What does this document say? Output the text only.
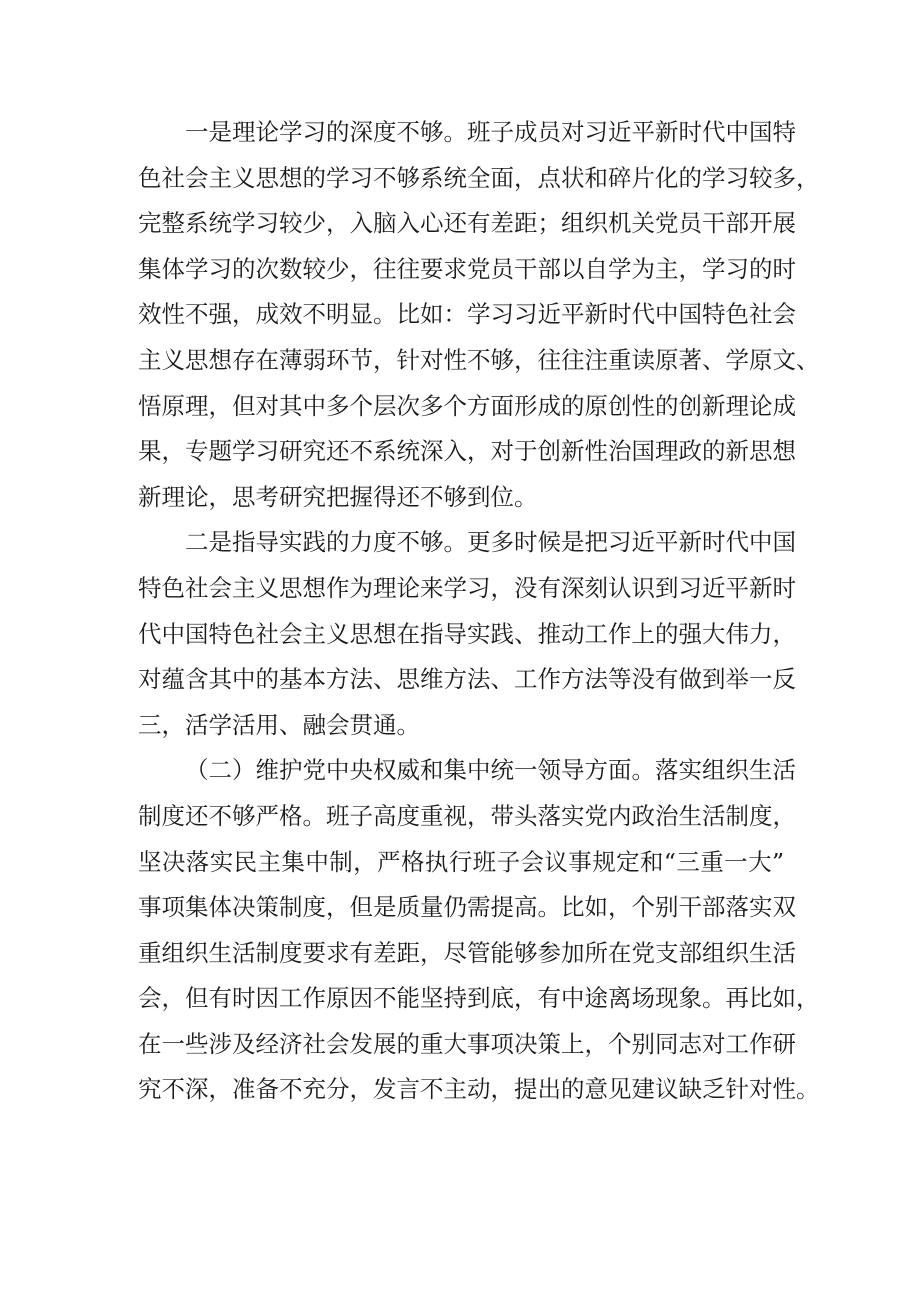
一是理论学习的深度不够。班子成员对习近平新时代中国特
色社会主义思想的学习不够系统全面，点状和碎片化的学习较多，
完整系统学习较少，入脑入心还有差距；组织机关党员干部开展
集体学习的次数较少，往往要求党员干部以自学为主，学习的时
效性不强，成效不明显。比如：学习习近平新时代中国特色社会
主义思想存在薄弱环节，针对性不够，往往注重读原著、学原文、
悟原理，但对其中多个层次多个方面形成的原创性的创新理论成
果，专题学习研究还不系统深入，对于创新性治国理政的新思想
新理论，思考研究把握得还不够到位。
二是指导实践的力度不够。更多时候是把习近平新时代中国
特色社会主义思想作为理论来学习，没有深刻认识到习近平新时
代中国特色社会主义思想在指导实践、推动工作上的强大伟力，
对蕴含其中的基本方法、思维方法、工作方法等没有做到举一反
三，活学活用、融会贯通。
（二）维护党中央权威和集中统一领导方面。落实组织生活
制度还不够严格。班子高度重视，带头落实党内政治生活制度，
坚决落实民主集中制，严格执行班子会议事规定和“三重一大”
事项集体决策制度，但是质量仍需提高。比如，个别干部落实双
重组织生活制度要求有差距，尽管能够参加所在党支部组织生活
会，但有时因工作原因不能坚持到底，有中途离场现象。再比如，
在一些涉及经济社会发展的重大事项决策上，个别同志对工作研
究不深，准备不充分，发言不主动，提出的意见建议缺乏针对性。
